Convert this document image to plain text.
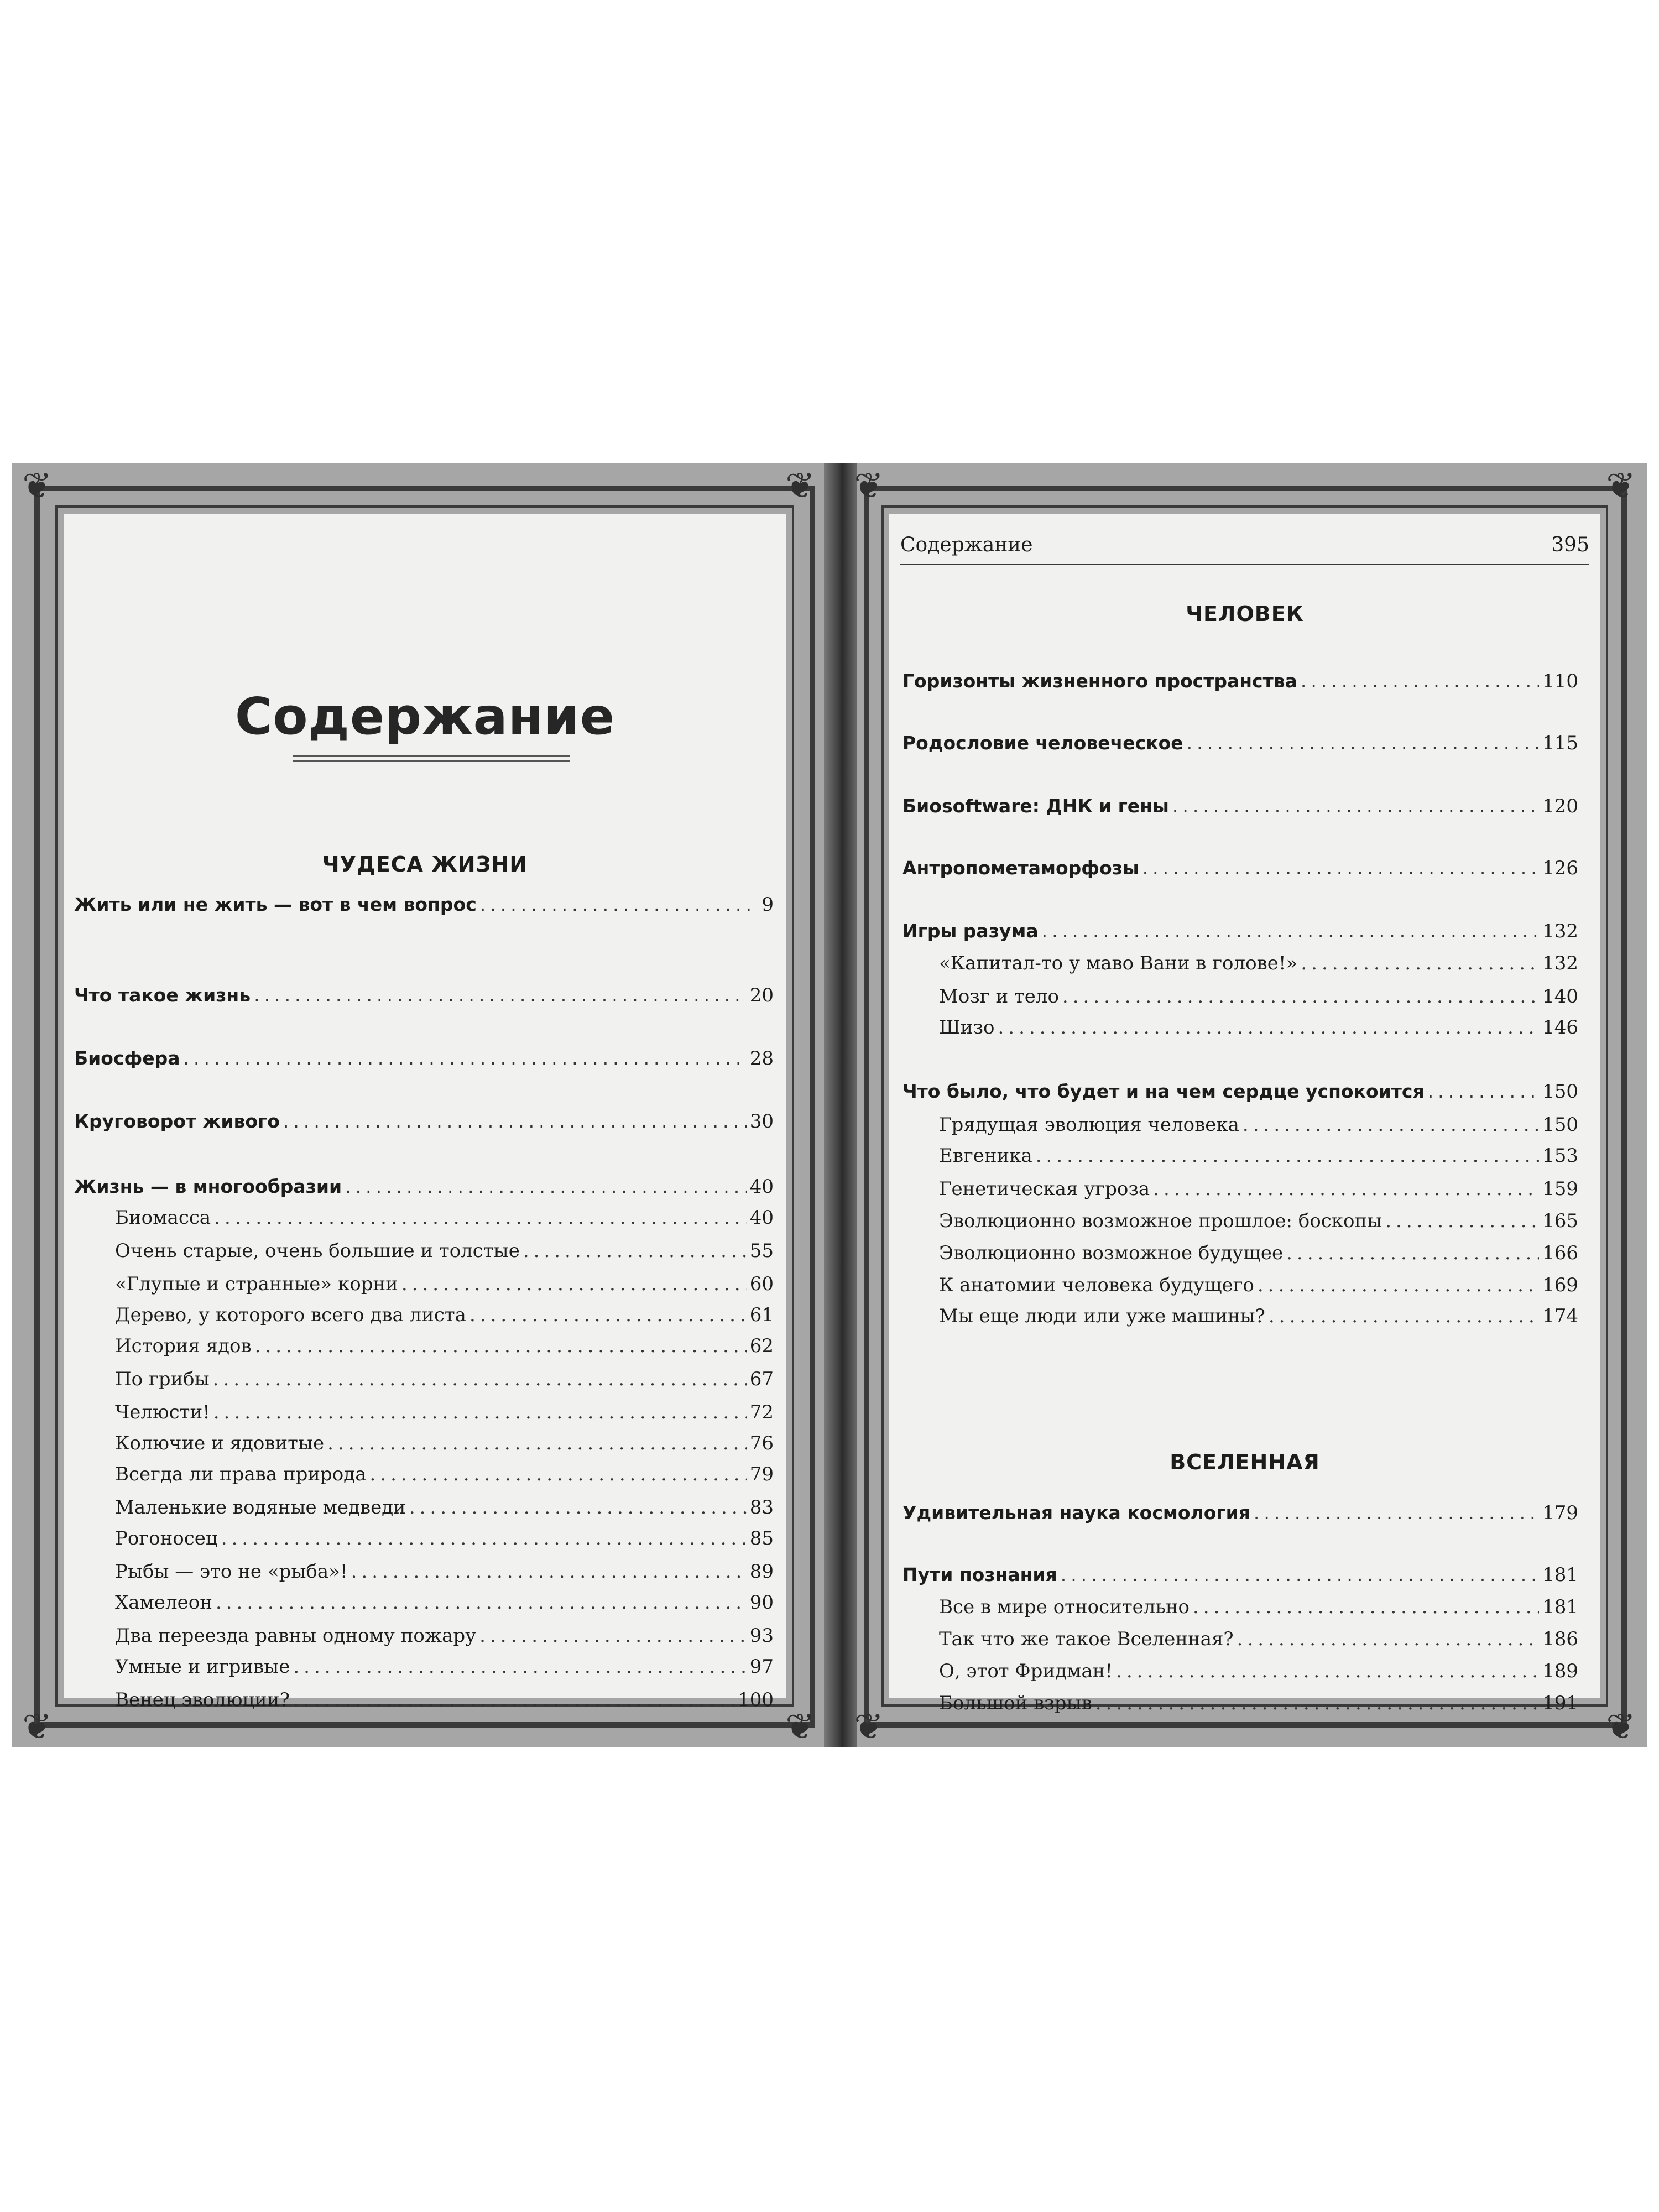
❦	❦
❦	❦
Содержание
ЧУДЕСА ЖИЗНИ
Жить или не жить — вот в чем вопрос .....	9
Что такое жизнь .....	20
Биосфера .....	28
Круговорот живого .....	30
Жизнь — в многообразии .....	40
Биомасса .....	40
Очень старые, очень большие и толстые .....	55
«Глупые и странные» корни .....	60
Дерево, у которого всего два листа .....	61
История ядов .....	62
По грибы .....	67
Челюсти! .....	72
Колючие и ядовитые .....	76
Всегда ли права природа .....	79
Маленькие водяные медведи .....	83
Рогоносец .....	85
Рыбы — это не «рыба»! .....	89
Хамелеон .....	90
Два переезда равны одному пожару .....	93
Умные и игривые .....	97
Венец эволюции? .....	100
❦	❦
❦	❦
Содержание	395
ЧЕЛОВЕК
ВСЕЛЕННАЯ
Горизонты жизненного пространства .....	110
Родословие человеческое .....	115
Биоsoftware: ДНК и гены .....	120
Антропометаморфозы .....	126
Игры разума .....	132
«Капитал-то у мaво Вани в голове!» .....	132
Мозг и тело .....	140
Шизо .....	146
Что было, что будет и на чем сердце успокоится .....	150
Грядущая эволюция человека .....	150
Евгеника .....	153
Генетическая угроза .....	159
Эволюционно возможное прошлое: боскопы .....	165
Эволюционно возможное будущее .....	166
К анатомии человека будущего .....	169
Мы еще люди или уже машины? .....	174
Удивительная наука космология .....	179
Пути познания .....	181
Все в мире относительно .....	181
Так что же такое Вселенная? .....	186
О, этот Фридман! .....	189
Большой взрыв .....	191
